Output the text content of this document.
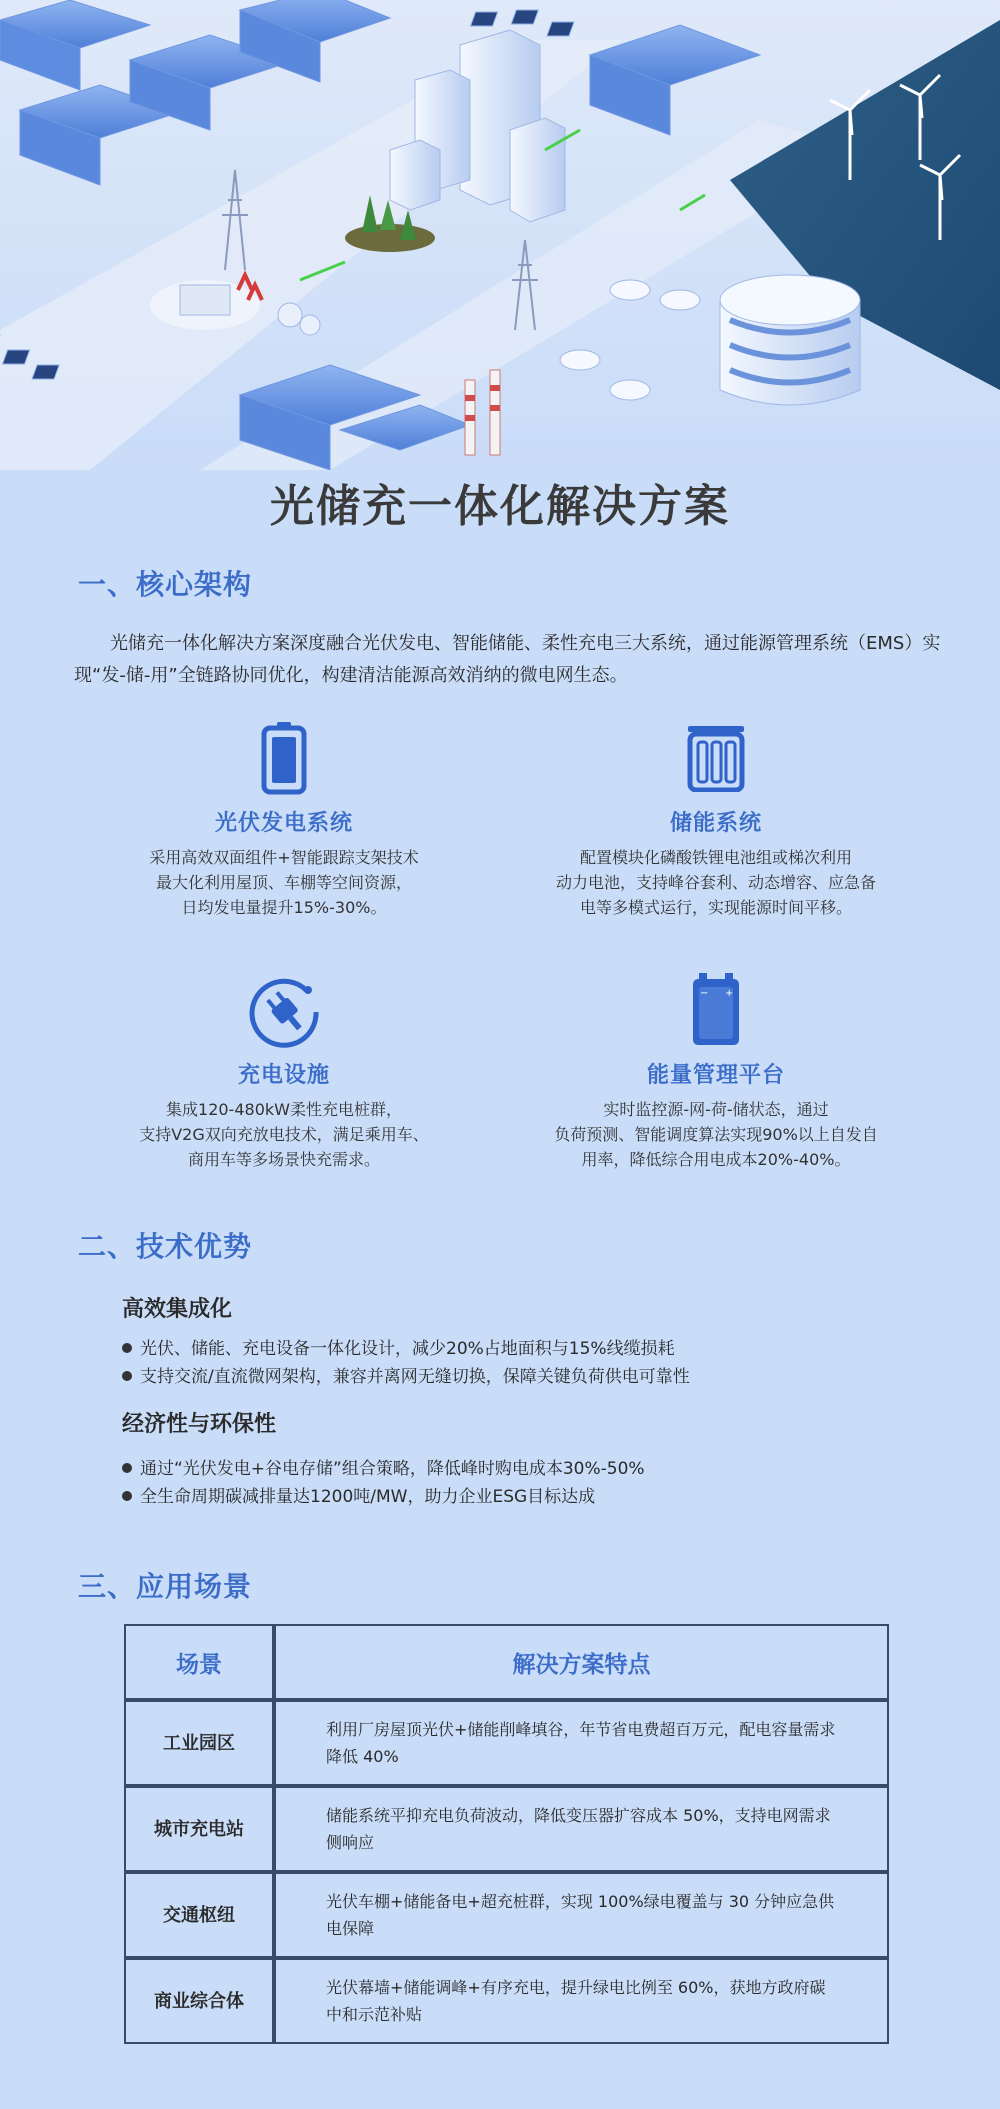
光储充一体化解决方案
一、核心架构

光储充一体化解决方案深度融合光伏发电、智能储能、柔性充电三大系统，通过能源管理系统（EMS）实现“发-储-用”全链路协同优化，构建清洁能源高效消纳的微电网生态。

光伏发电系统
采用高效双面组件+智能跟踪支架技术
最大化利用屋顶、车棚等空间资源，
日均发电量提升15%-30%。
储能系统
配置模块化磷酸铁锂电池组或梯次利用
动力电池，支持峰谷套利、动态增容、应急备
电等多模式运行，实现能源时间平移。
充电设施
集成120-480kW柔性充电桩群，
支持V2G双向充放电技术，满足乘用车、
商用车等多场景快充需求。
− +
能量管理平台
实时监控源-网-荷-储状态，通过
负荷预测、智能调度算法实现90%以上自发自
用率，降低综合用电成本20%-40%。
二、技术优势
高效集成化
光伏、储能、充电设备一体化设计，减少20%占地面积与15%线缆损耗
支持交流/直流微网架构，兼容并离网无缝切换，保障关键负荷供电可靠性
经济性与环保性
通过“光伏发电+谷电存储”组合策略，降低峰时购电成本30%-50%
全生命周期碳减排量达1200吨/MW，助力企业ESG目标达成
三、应用场景
场景	解决方案特点
工业园区	利用厂房屋顶光伏+储能削峰填谷，年节省电费超百万元，配电容量需求降低 40%
城市充电站	储能系统平抑充电负荷波动，降低变压器扩容成本 50%，支持电网需求侧响应
交通枢纽	光伏车棚+储能备电+超充桩群，实现 100%绿电覆盖与 30 分钟应急供电保障
商业综合体	光伏幕墙+储能调峰+有序充电，提升绿电比例至 60%，获地方政府碳中和示范补贴
